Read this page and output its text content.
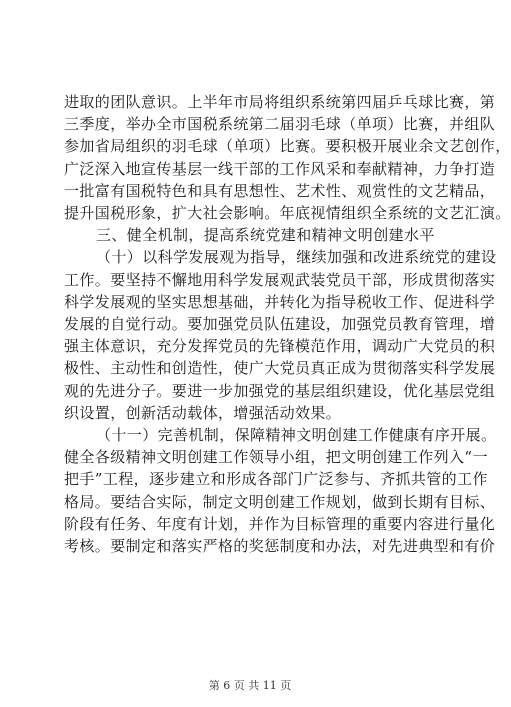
进取的团队意识。上半年市局将组织系统第四届乒乓球比赛，第
三季度，举办全市国税系统第二届羽毛球（单项）比赛，并组队
参加省局组织的羽毛球（单项）比赛。要积极开展业余文艺创作，
广泛深入地宣传基层一线干部的工作风采和奉献精神，力争打造
一批富有国税特色和具有思想性、艺术性、观赏性的文艺精品，
提升国税形象，扩大社会影响。年底视情组织全系统的文艺汇演。
三、健全机制，提高系统党建和精神文明创建水平
（十）以科学发展观为指导，继续加强和改进系统党的建设
工作。要坚持不懈地用科学发展观武装党员干部，形成贯彻落实
科学发展观的坚实思想基础，并转化为指导税收工作、促进科学
发展的自觉行动。要加强党员队伍建设，加强党员教育管理，增
强主体意识，充分发挥党员的先锋模范作用，调动广大党员的积
极性、主动性和创造性，使广大党员真正成为贯彻落实科学发展
观的先进分子。要进一步加强党的基层组织建设，优化基层党组
织设置，创新活动载体，增强活动效果。
（十一）完善机制，保障精神文明创建工作健康有序开展。
健全各级精神文明创建工作领导小组，把文明创建工作列入“一
把手”工程，逐步建立和形成各部门广泛参与、齐抓共管的工作
格局。要结合实际，制定文明创建工作规划，做到长期有目标、
阶段有任务、年度有计划，并作为目标管理的重要内容进行量化
考核。要制定和落实严格的奖惩制度和办法，对先进典型和有价

第 6 页 共 11 页
